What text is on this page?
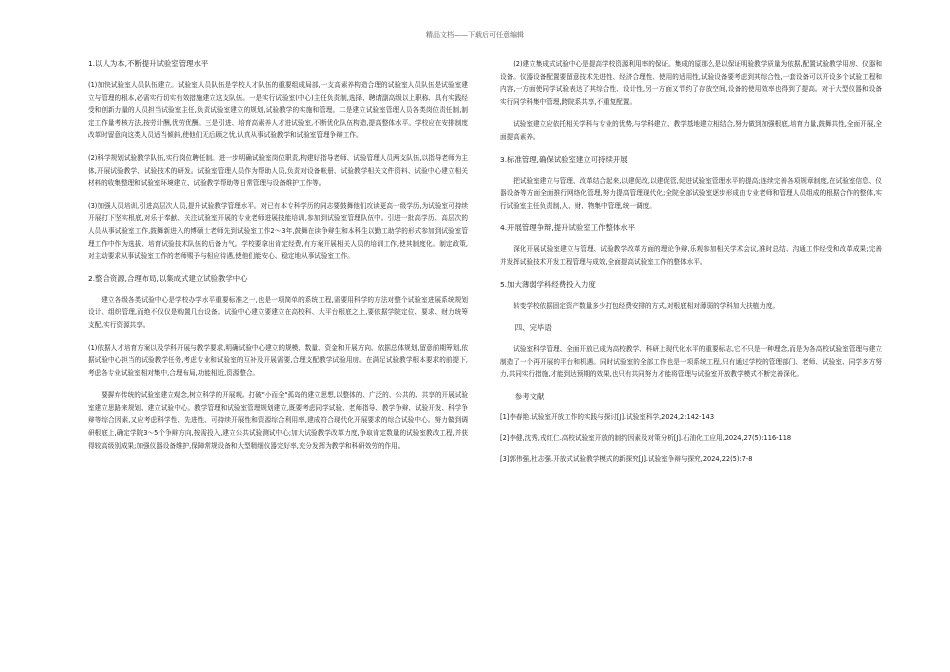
精品文档——下载后可任意编辑
1.以人为本,不断提升试验室管理水平

(1)加快试验室人员队伍建立。试验室人员队伍是学校人才队伍的重要组成局部,一支高素养构造合理的试验室人员队伍是试验室建立与管理的根本,必需实行切实有效措施建立这支队伍。一是实行试验室(中心)主任负责制,选择、聘请副高级以上职称、具有实践经受和创新力量的人员担当试验室主任,负责试验室建立的规划,试验教学的实施和管理。二是建立试验室管理人员各类岗位责任制,制定工作量考核方法,按劳计酬,优劳优酬。三是引进、培育高素养人才进试验室,不断优化队伍构造,提高整体水平。学校应在安排制度改革时留意向这类人员适当倾斜,使他们无后顾之忧,认真从事试验教学和试验室管理争辩工作。

(2)科学规划试验教学队伍,实行岗位聘任制。进一步明确试验室岗位职责,构建好指导老师、试验管理人员两支队伍,以指导老师为主体,开展试验教学、试验技术的研发。试验室管理人员作为帮助人员,负责对设备帐册、试验教学相关文件资料、试验中心建立相关材料的收集整理和试验室环境建立、试验教学帮助等日常管理与设备维护工作等。

(3)加强人员培训,引进高层次人员,提升试验教学管理水平。对已有本专科学历的同志要鼓舞他们攻读更高一级学历,为试验室可持续开展打下坚实根底,对乐于奉献、关注试验室开展的专业老师进展技能培训,参加到试验室管理队伍中。引进一批高学历、高层次的人员从事试验室工作,鼓舞新进入的博硕士老师先到试验室工作2～3年,鼓舞在读争辩生和本科生以勤工助学的形式参加到试验室管理工作中作为选拔、培育试验技术队伍的后备力气。学校要拿出肯定经费,有方案开展相关人员的培训工作,使其制度化。制定政策,对主动要求从事试验室工作的老师赐予与相应待遇,使他们能安心、稳定地从事试验室工作。

2.整合资源,合理布局,以集成式建立试验教学中心

建立各级各类试验中心是学校办学水平重要标准之一,也是一项简单的系统工程,需要用科学的方法对整个试验室进展系统规划设计、组织管理,而绝不仅仅是购置几台设备。试验中心建立要建立在高校科、大平台根底之上,要依据学院定位、要求、财力统筹支配,实行资源共享。

(1)依据人才培育方案以及学科开展与教学要求,明确试验中心建立的规模、数量、资金和开展方向。依据总体规划,留意前期筹划,依据试验中心担当的试验教学任务,考虑专业和试验室的互补及开展需要,合理支配教学试验用房。在满足试验教学根本要求的前提下,考虑各专业试验室相对集中,合理布局,功能相近,资源整合。

要摒弃传统的试验室建立观念,树立科学的开展观。打破"小而全"孤岛的建立思想,以整体的、广泛的、公共的、共享的开展试验室建立思路来规划、建立试验中心。教学管理和试验室管理规划建立,既要考虑同学试验、老师指导、教学争辩、试验开发、科学争辩等综合因素,又应考虑科学性、先进性、可持续开展性和资源综合利用率,建成符合现代化开展要求的综合试验中心。努力做到调研根底上,确定学院3～5个争辩方向,按需投入,建立公共试验测试中心;加大试验教学改革力度,争取肯定数量的试验室教改工程,并获得较高级别成果;加强仪器设备维护,保障常规设备和大型精细仪器完好率,充分发挥为教学和科研效劳的作用。

(2)建立集成式试验中心是提高学校资源利用率的保证。集成的原那么是以保证明验教学质量为依据,配置试验教学用房、仪器和设备。仪器设备配置要留意技术先进性、经济合理性、使用的适用性,试验设备要考虑到其综合性,一套设备可以开设多个试验工程和内容,一方面使同学试验表达了其综合性、设计性,另一方面又节约了存放空间,设备的使用效率也得到了提高。对于大型仪器和设备实行同学科集中管理,跨院系共享,不重复配置。

试验室建立应依托相关学科与专业的优势,与学科建立、教学基地建立相结合,努力做到加强根底,培育力量,鼓舞共性,全面开展,全面提高素养。

3.标准管理,确保试验室建立可持续开展

把试验室建立与管理、改革结合起来,以建促改,以建促管,促进试验室管理水平的提高;连续完善各项规章制度,在试验室信息、仪器设备等方面全面推行网络化管理,努力提高管理现代化;全院全部试验室逐步形成由专业老师和管理人员组成的根据合作的整体,实行试验室主任负责制,人、财、物集中管理,统一调度。

4.开展管理争辩,提升试验室工作整体水平

深化开展试验室建立与管理、试验教学改革方面的理论争辩,乐观参加相关学术会议,准时总结、沟通工作经受和改革成果;完善并发挥试验技术开发工程管理与成效,全面提高试验室工作的整体水平。

5.加大薄弱学科经费投入力度

转变学校依据固定资产数量多少打包经费安排的方式,对根底相对薄弱的学科加大扶植力度。

四、完毕语

试验室科学管理、全面开放已成为高校教学、科研上现代化水平的重要标志,它不只是一种理念,而是为各高校试验室管理与建立制造了一个再开展的平台和机遇。同时试验室的全部工作也是一项系统工程,只有通过学校的管理部门、老师、试验室、同学多方努力,共同实行措施,才能到达预期的效果,也只有共同努力才能将管理与试验室开放教学模式不断完善深化。

参考文献
[1]李春艳.试验室开放工作的实践与探讨[J].试验室科学,2024,2:142-143
[2]李健,沈秀,戎红仁.高校试验室开放的制约因素及对策分析[J].石油化工应用,2024,27(5):116-118
[3]郭伟强,杜志强.开放式试验教学模式的新探究[J].试验室争辩与探究,2024,22(5):7-8
